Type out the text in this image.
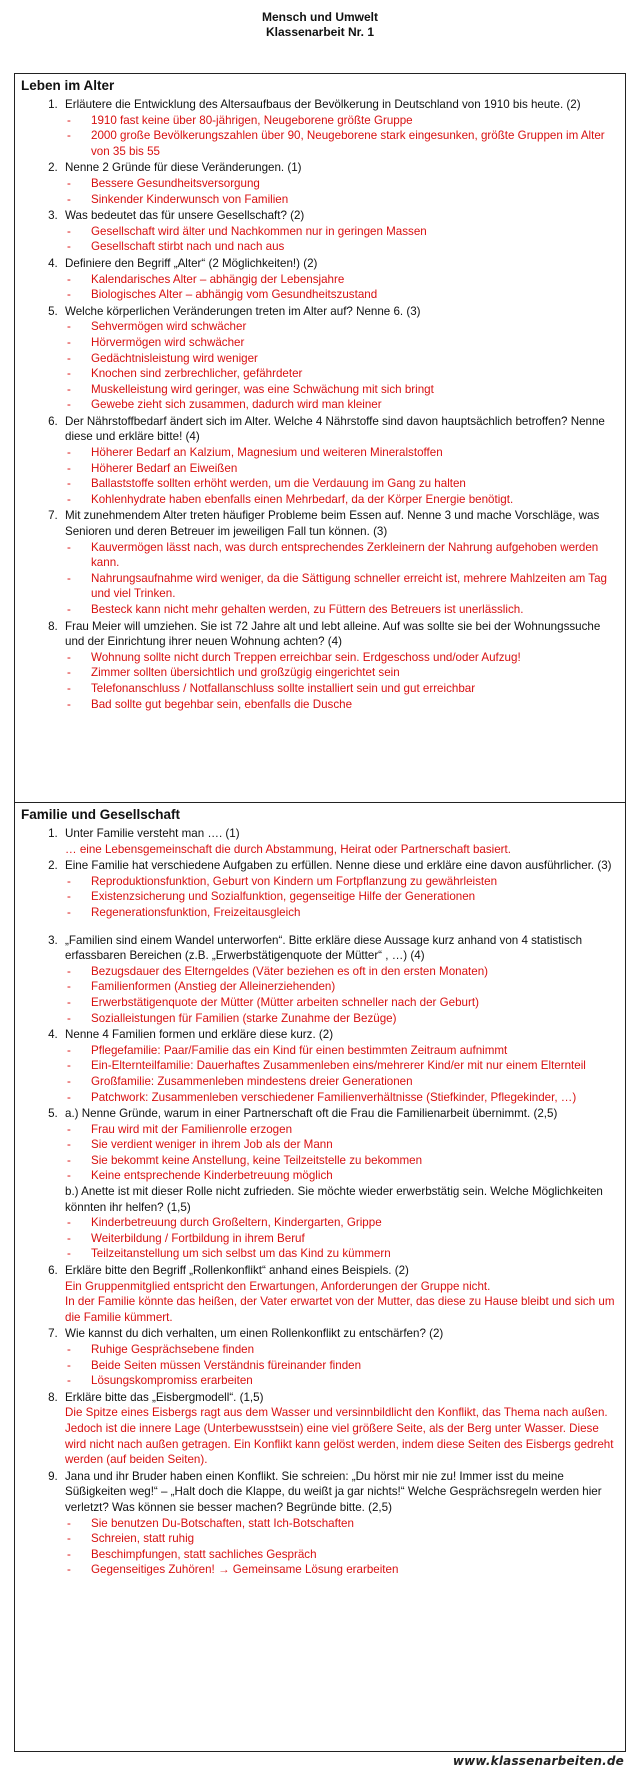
Mensch und Umwelt
Klassenarbeit Nr. 1
Leben im Alter
1. Erläutere die Entwicklung des Altersaufbaus der Bevölkerung in Deutschland von 1910 bis heute. (2)
- 1910 fast keine über 80-jährigen, Neugeborene größte Gruppe
- 2000 große Bevölkerungszahlen über 90, Neugeborene stark eingesunken, größte Gruppen im Alter von 35 bis 55
2. Nenne 2 Gründe für diese Veränderungen. (1)
- Bessere Gesundheitsversorgung
- Sinkender Kinderwunsch von Familien
3. Was bedeutet das für unsere Gesellschaft? (2)
- Gesellschaft wird älter und Nachkommen nur in geringen Massen
- Gesellschaft stirbt nach und nach aus
4. Definiere den Begriff „Alter“ (2 Möglichkeiten!) (2)
- Kalendarisches Alter – abhängig der Lebensjahre
- Biologisches Alter – abhängig vom Gesundheitszustand
5. Welche körperlichen Veränderungen treten im Alter auf? Nenne 6. (3)
- Sehvermögen wird schwächer
- Hörvermögen wird schwächer
- Gedächtnisleistung wird weniger
- Knochen sind zerbrechlicher, gefährdeter
- Muskelleistung wird geringer, was eine Schwächung mit sich bringt
- Gewebe zieht sich zusammen, dadurch wird man kleiner
6. Der Nährstoffbedarf ändert sich im Alter. Welche 4 Nährstoffe sind davon hauptsächlich betroffen? Nenne diese und erkläre bitte! (4)
- Höherer Bedarf an Kalzium, Magnesium und weiteren Mineralstoffen
- Höherer Bedarf an Eiweißen
- Ballaststoffe sollten erhöht werden, um die Verdauung im Gang zu halten
- Kohlenhydrate haben ebenfalls einen Mehrbedarf, da der Körper Energie benötigt.
7. Mit zunehmendem Alter treten häufiger Probleme beim Essen auf. Nenne 3 und mache Vorschläge, was Senioren und deren Betreuer im jeweiligen Fall tun können. (3)
- Kauvermögen lässt nach, was durch entsprechendes Zerkleinern der Nahrung aufgehoben werden kann.
- Nahrungsaufnahme wird weniger, da die Sättigung schneller erreicht ist, mehrere Mahlzeiten am Tag und viel Trinken.
- Besteck kann nicht mehr gehalten werden, zu Füttern des Betreuers ist unerlässlich.
8. Frau Meier will umziehen. Sie ist 72 Jahre alt und lebt alleine. Auf was sollte sie bei der Wohnungssuche und der Einrichtung ihrer neuen Wohnung achten? (4)
- Wohnung sollte nicht durch Treppen erreichbar sein. Erdgeschoss und/oder Aufzug!
- Zimmer sollten übersichtlich und großzügig eingerichtet sein
- Telefonanschluss / Notfallanschluss sollte installiert sein und gut erreichbar
- Bad sollte gut begehbar sein, ebenfalls die Dusche
Familie und Gesellschaft
1. Unter Familie versteht man …. (1)
… eine Lebensgemeinschaft die durch Abstammung, Heirat oder Partnerschaft basiert.
2. Eine Familie hat verschiedene Aufgaben zu erfüllen. Nenne diese und erkläre eine davon ausführlicher. (3)
- Reproduktionsfunktion, Geburt von Kindern um Fortpflanzung zu gewährleisten
- Existenzsicherung und Sozialfunktion, gegenseitige Hilfe der Generationen
- Regenerationsfunktion, Freizeitausgleich
3. „Familien sind einem Wandel unterworfen“. Bitte erkläre diese Aussage kurz anhand von 4 statistisch erfassbaren Bereichen (z.B. „Erwerbstätigenquote der Mütter“ , …) (4)
- Bezugsdauer des Elterngeldes (Väter beziehen es oft in den ersten Monaten)
- Familienformen (Anstieg der Alleinerziehenden)
- Erwerbstätigenquote der Mütter (Mütter arbeiten schneller nach der Geburt)
- Sozialleistungen für Familien (starke Zunahme der Bezüge)
4. Nenne 4 Familien formen und erkläre diese kurz. (2)
- Pflegefamilie: Paar/Familie das ein Kind für einen bestimmten Zeitraum aufnimmt
- Ein-Elternteilfamilie: Dauerhaftes Zusammenleben eins/mehrerer Kind/er mit nur einem Elternteil
- Großfamilie: Zusammenleben mindestens dreier Generationen
- Patchwork: Zusammenleben verschiedener Familienverhältnisse (Stiefkinder, Pflegekinder, …)
5. a.) Nenne Gründe, warum in einer Partnerschaft oft die Frau die Familienarbeit übernimmt. (2,5)
- Frau wird mit der Familienrolle erzogen
- Sie verdient weniger in ihrem Job als der Mann
- Sie bekommt keine Anstellung, keine Teilzeitstelle zu bekommen
- Keine entsprechende Kinderbetreuung möglich
b.) Anette ist mit dieser Rolle nicht zufrieden. Sie möchte wieder erwerbstätig sein. Welche Möglichkeiten könnten ihr helfen? (1,5)
- Kinderbetreuung durch Großeltern, Kindergarten, Grippe
- Weiterbildung / Fortbildung in ihrem Beruf
- Teilzeitanstellung um sich selbst um das Kind zu kümmern
6. Erkläre bitte den Begriff „Rollenkonflikt“ anhand eines Beispiels. (2)
Ein Gruppenmitglied entspricht den Erwartungen, Anforderungen der Gruppe nicht.
In der Familie könnte das heißen, der Vater erwartet von der Mutter, das diese zu Hause bleibt und sich um die Familie kümmert.
7. Wie kannst du dich verhalten, um einen Rollenkonflikt zu entschärfen? (2)
- Ruhige Gesprächsebene finden
- Beide Seiten müssen Verständnis füreinander finden
- Lösungskompromiss erarbeiten
8. Erkläre bitte das „Eisbergmodell“. (1,5)
Die Spitze eines Eisbergs ragt aus dem Wasser und versinnbildlicht den Konflikt, das Thema nach außen. Jedoch ist die innere Lage (Unterbewusstsein) eine viel größere Seite, als der Berg unter Wasser. Diese wird nicht nach außen getragen. Ein Konflikt kann gelöst werden, indem diese Seiten des Eisbergs gedreht werden (auf beiden Seiten).
9. Jana und ihr Bruder haben einen Konflikt. Sie schreien: „Du hörst mir nie zu! Immer isst du meine Süßigkeiten weg!“ – „Halt doch die Klappe, du weißt ja gar nichts!“ Welche Gesprächsregeln werden hier verletzt? Was können sie besser machen? Begründe bitte. (2,5)
- Sie benutzen Du-Botschaften, statt Ich-Botschaften
- Schreien, statt ruhig
- Beschimpfungen, statt sachliches Gespräch
- Gegenseitiges Zuhören! → Gemeinsame Lösung erarbeiten
www.klassenarbeiten.de
